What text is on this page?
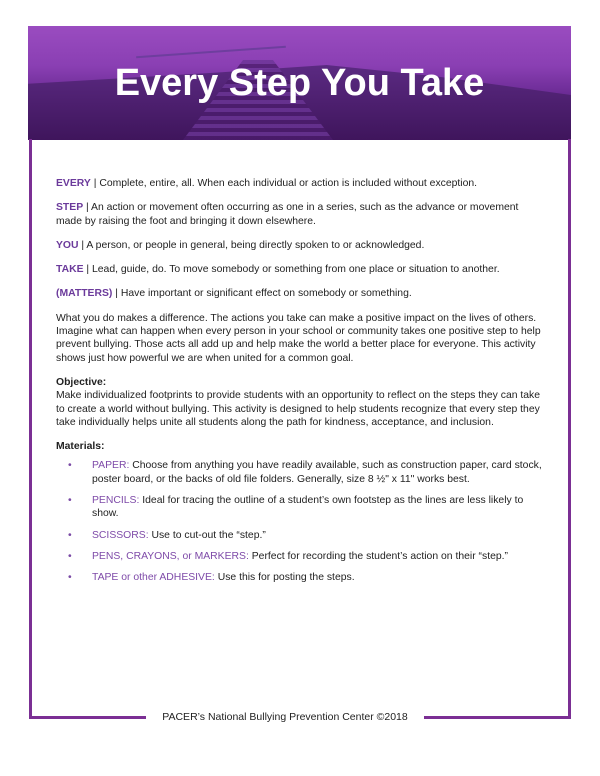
Every Step You Take

EVERY | Complete, entire, all. When each individual or action is included without exception.

STEP | An action or movement often occurring as one in a series, such as the advance or movement made by raising the foot and bringing it down elsewhere.

YOU | A person, or people in general, being directly spoken to or acknowledged.

TAKE | Lead, guide, do. To move somebody or something from one place or situation to another.

(MATTERS) | Have important or significant effect on somebody or something.

What you do makes a difference. The actions you take can make a positive impact on the lives of others. Imagine what can happen when every person in your school or community takes one positive step to help prevent bullying. Those acts all add up and help make the world a better place for everyone. This activity shows just how powerful we are when united for a common goal.

Objective:
Make individualized footprints to provide students with an opportunity to reflect on the steps they can take to create a world without bullying. This activity is designed to help students recognize that every step they take individually helps unite all students along the path for kindness, acceptance, and inclusion.

Materials:

• PAPER: Choose from anything you have readily available, such as construction paper, card stock, poster board, or the backs of old file folders. Generally, size 8 ½" x 11" works best.
• PENCILS: Ideal for tracing the outline of a student’s own footstep as the lines are less likely to show.
• SCISSORS: Use to cut-out the “step.”
• PENS, CRAYONS, or MARKERS: Perfect for recording the student’s action on their “step.”
• TAPE or other ADHESIVE: Use this for posting the steps.
PACER’s National Bullying Prevention Center ©2018
